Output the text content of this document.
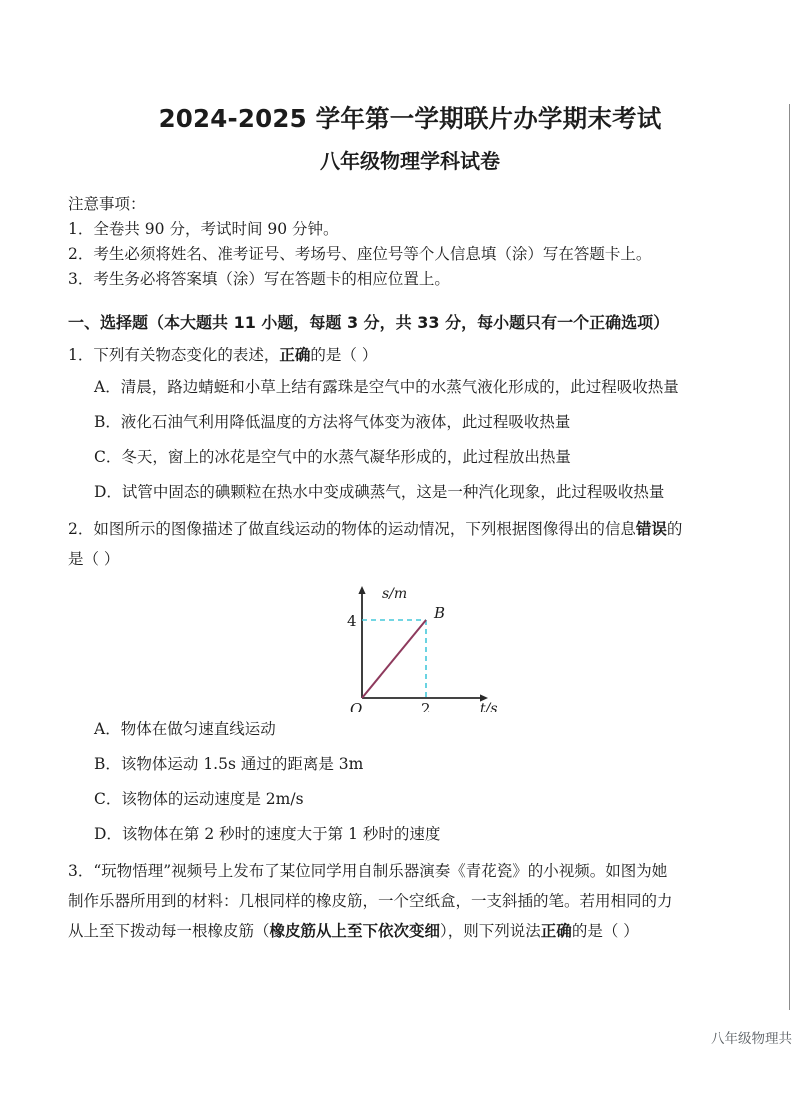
2024-2025 学年第一学期联片办学期末考试
八年级物理学科试卷
注意事项：
1．全卷共 90 分，考试时间 90 分钟。
2．考生必须将姓名、准考证号、考场号、座位号等个人信息填（涂）写在答题卡上。
3．考生务必将答案填（涂）写在答题卡的相应位置上。
一、选择题（本大题共 11 小题，每题 3 分，共 33 分，每小题只有一个正确选项）
1．下列有关物态变化的表述，正确的是（ ）
A．清晨，路边蜻蜓和小草上结有露珠是空气中的水蒸气液化形成的，此过程吸收热量
B．液化石油气利用降低温度的方法将气体变为液体，此过程吸收热量
C．冬天，窗上的冰花是空气中的水蒸气凝华形成的，此过程放出热量
D．试管中固态的碘颗粒在热水中变成碘蒸气，这是一种汽化现象，此过程吸收热量
2．如图所示的图像描述了做直线运动的物体的运动情况，下列根据图像得出的信息错误的
是（ ）
s/m
t/s
4
2
O
B
A．物体在做匀速直线运动
B．该物体运动 1.5s 通过的距离是 3m
C．该物体的运动速度是 2m/s
D．该物体在第 2 秒时的速度大于第 1 秒时的速度
3．“玩物悟理”视频号上发布了某位同学用自制乐器演奏《青花瓷》的小视频。如图为她
制作乐器所用到的材料：几根同样的橡皮筋，一个空纸盒，一支斜插的笔。若用相同的力
从上至下拨动每一根橡皮筋（橡皮筋从上至下依次变细），则下列说法正确的是（ ）
八年级物理共
